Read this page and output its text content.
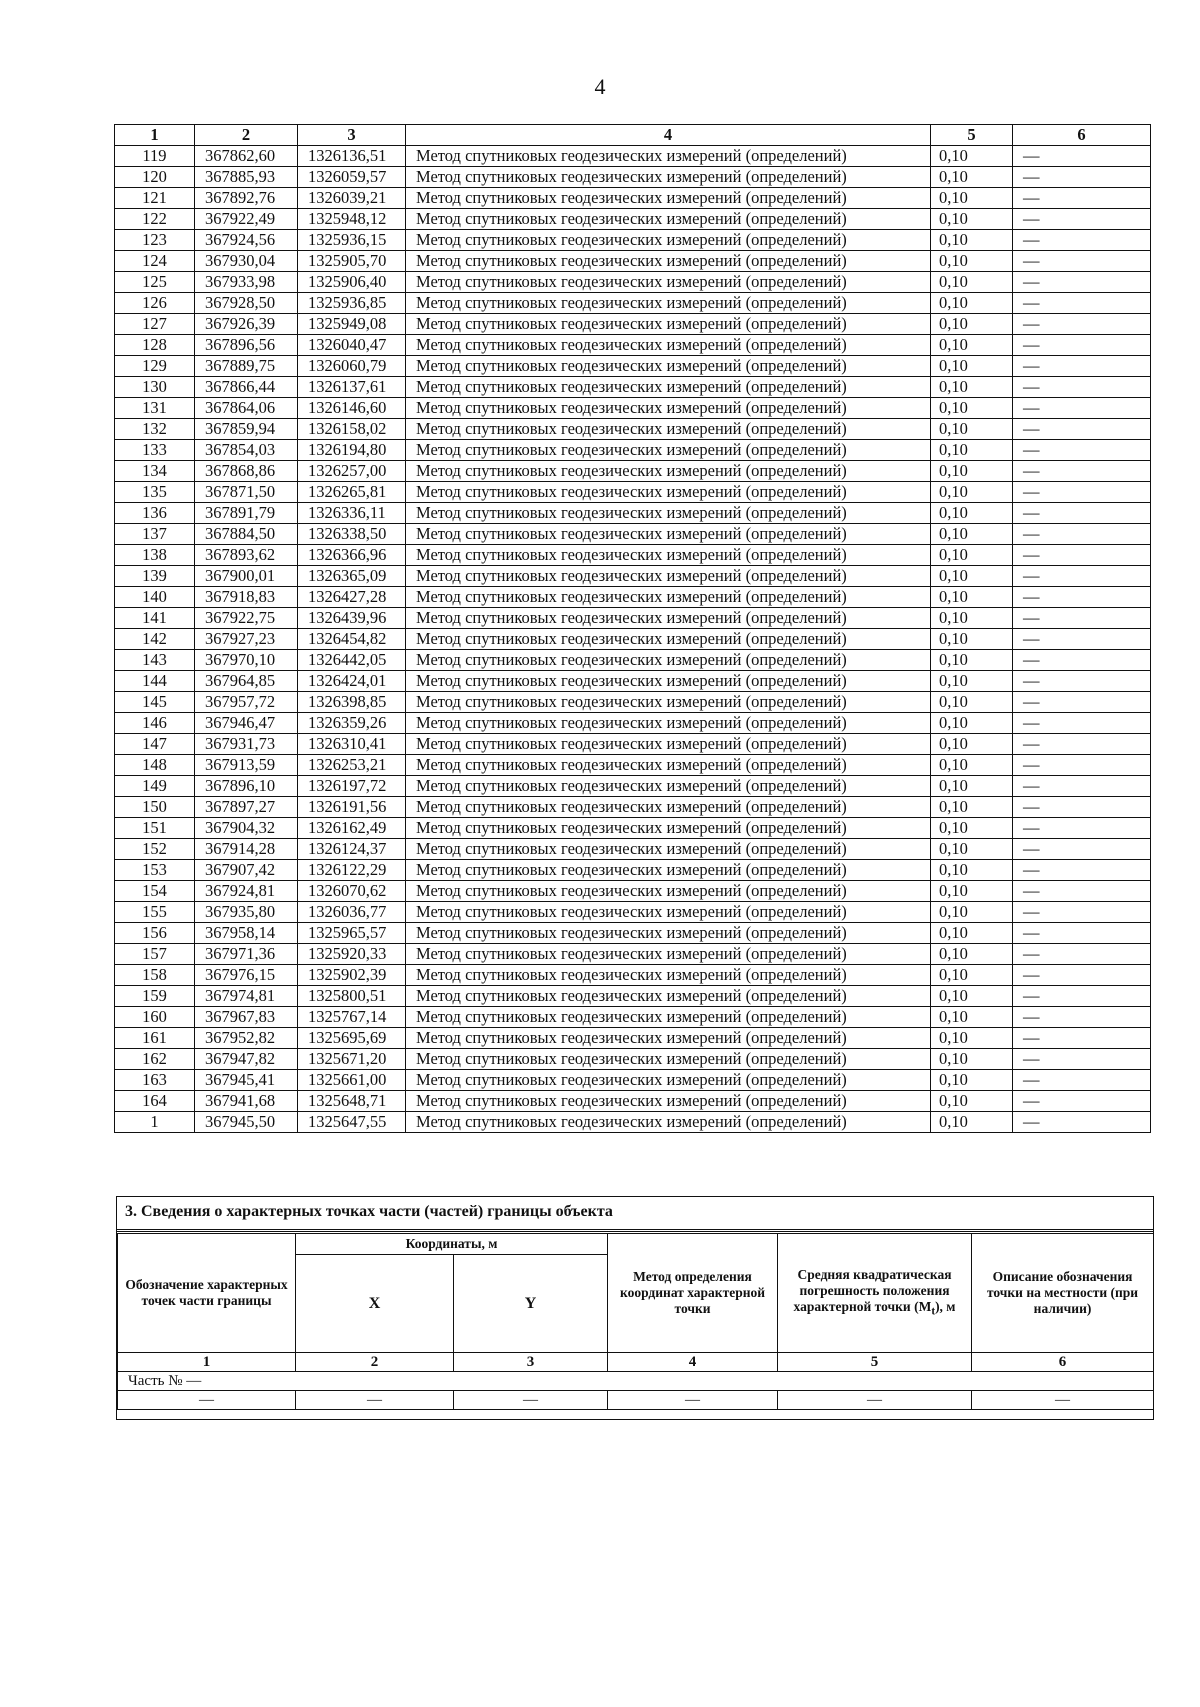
4
1	2	3	4	5	6
119	367862,60	1326136,51	Метод спутниковых геодезических измерений (определений)	0,10	—
120	367885,93	1326059,57	Метод спутниковых геодезических измерений (определений)	0,10	—
121	367892,76	1326039,21	Метод спутниковых геодезических измерений (определений)	0,10	—
122	367922,49	1325948,12	Метод спутниковых геодезических измерений (определений)	0,10	—
123	367924,56	1325936,15	Метод спутниковых геодезических измерений (определений)	0,10	—
124	367930,04	1325905,70	Метод спутниковых геодезических измерений (определений)	0,10	—
125	367933,98	1325906,40	Метод спутниковых геодезических измерений (определений)	0,10	—
126	367928,50	1325936,85	Метод спутниковых геодезических измерений (определений)	0,10	—
127	367926,39	1325949,08	Метод спутниковых геодезических измерений (определений)	0,10	—
128	367896,56	1326040,47	Метод спутниковых геодезических измерений (определений)	0,10	—
129	367889,75	1326060,79	Метод спутниковых геодезических измерений (определений)	0,10	—
130	367866,44	1326137,61	Метод спутниковых геодезических измерений (определений)	0,10	—
131	367864,06	1326146,60	Метод спутниковых геодезических измерений (определений)	0,10	—
132	367859,94	1326158,02	Метод спутниковых геодезических измерений (определений)	0,10	—
133	367854,03	1326194,80	Метод спутниковых геодезических измерений (определений)	0,10	—
134	367868,86	1326257,00	Метод спутниковых геодезических измерений (определений)	0,10	—
135	367871,50	1326265,81	Метод спутниковых геодезических измерений (определений)	0,10	—
136	367891,79	1326336,11	Метод спутниковых геодезических измерений (определений)	0,10	—
137	367884,50	1326338,50	Метод спутниковых геодезических измерений (определений)	0,10	—
138	367893,62	1326366,96	Метод спутниковых геодезических измерений (определений)	0,10	—
139	367900,01	1326365,09	Метод спутниковых геодезических измерений (определений)	0,10	—
140	367918,83	1326427,28	Метод спутниковых геодезических измерений (определений)	0,10	—
141	367922,75	1326439,96	Метод спутниковых геодезических измерений (определений)	0,10	—
142	367927,23	1326454,82	Метод спутниковых геодезических измерений (определений)	0,10	—
143	367970,10	1326442,05	Метод спутниковых геодезических измерений (определений)	0,10	—
144	367964,85	1326424,01	Метод спутниковых геодезических измерений (определений)	0,10	—
145	367957,72	1326398,85	Метод спутниковых геодезических измерений (определений)	0,10	—
146	367946,47	1326359,26	Метод спутниковых геодезических измерений (определений)	0,10	—
147	367931,73	1326310,41	Метод спутниковых геодезических измерений (определений)	0,10	—
148	367913,59	1326253,21	Метод спутниковых геодезических измерений (определений)	0,10	—
149	367896,10	1326197,72	Метод спутниковых геодезических измерений (определений)	0,10	—
150	367897,27	1326191,56	Метод спутниковых геодезических измерений (определений)	0,10	—
151	367904,32	1326162,49	Метод спутниковых геодезических измерений (определений)	0,10	—
152	367914,28	1326124,37	Метод спутниковых геодезических измерений (определений)	0,10	—
153	367907,42	1326122,29	Метод спутниковых геодезических измерений (определений)	0,10	—
154	367924,81	1326070,62	Метод спутниковых геодезических измерений (определений)	0,10	—
155	367935,80	1326036,77	Метод спутниковых геодезических измерений (определений)	0,10	—
156	367958,14	1325965,57	Метод спутниковых геодезических измерений (определений)	0,10	—
157	367971,36	1325920,33	Метод спутниковых геодезических измерений (определений)	0,10	—
158	367976,15	1325902,39	Метод спутниковых геодезических измерений (определений)	0,10	—
159	367974,81	1325800,51	Метод спутниковых геодезических измерений (определений)	0,10	—
160	367967,83	1325767,14	Метод спутниковых геодезических измерений (определений)	0,10	—
161	367952,82	1325695,69	Метод спутниковых геодезических измерений (определений)	0,10	—
162	367947,82	1325671,20	Метод спутниковых геодезических измерений (определений)	0,10	—
163	367945,41	1325661,00	Метод спутниковых геодезических измерений (определений)	0,10	—
164	367941,68	1325648,71	Метод спутниковых геодезических измерений (определений)	0,10	—
1	367945,50	1325647,55	Метод спутниковых геодезических измерений (определений)	0,10	—
3. Сведения о характерных точках части (частей) границы объекта
Обозначение характерных точек части границы	Координаты, м		Метод определения координат характерной точки	Средняя квадратическая погрешность положения характерной точки $(M_t)$, м	Описание обозначения точки на местности (при наличии)
	X	Y			
1	2	3	4	5	6
Часть № —					
—	—	—	—	—	—
